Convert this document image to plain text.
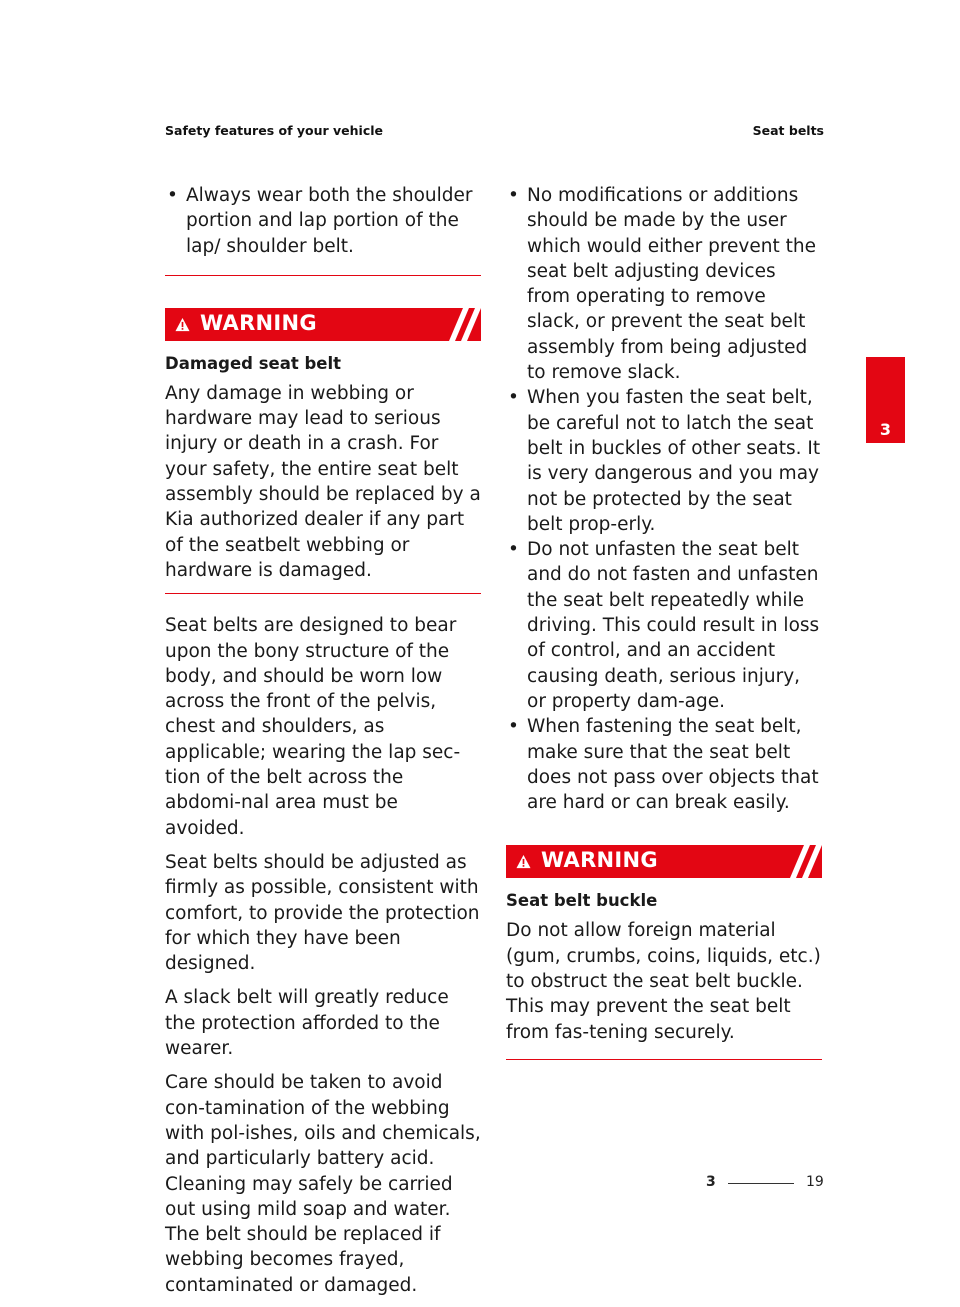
Safety features of your vehicle	Seat belts
• Always wear both the shoulder portion and lap portion of the lap/ shoulder belt.
WARNING
Damaged seat belt

Any damage in webbing or hardware may lead to serious injury or death in a crash. For your safety, the entire seat belt assembly should be replaced by a Kia authorized dealer if any part of the seatbelt webbing or hardware is damaged.

Seat belts are designed to bear upon the bony structure of the body, and should be worn low across the front of the pelvis, chest and shoulders, as applicable; wearing the lap sec-tion of the belt across the abdomi-nal area must be avoided.

Seat belts should be adjusted as firmly as possible, consistent with comfort, to provide the protection for which they have been designed.

A slack belt will greatly reduce the protection afforded to the wearer.

Care should be taken to avoid con-tamination of the webbing with pol-ishes, oils and chemicals, and particularly battery acid. Cleaning may safely be carried out using mild soap and water. The belt should be replaced if webbing becomes frayed, contaminated or damaged.

• No modifications or additions should be made by the user which would either prevent the seat belt adjusting devices from operating to remove slack, or prevent the seat belt assembly from being adjusted to remove slack.
• When you fasten the seat belt, be careful not to latch the seat belt in buckles of other seats. It is very dangerous and you may not be protected by the seat belt prop-erly.
• Do not unfasten the seat belt and do not fasten and unfasten the seat belt repeatedly while driving. This could result in loss of control, and an accident causing death, serious injury, or property dam-age.
• When fastening the seat belt, make sure that the seat belt does not pass over objects that are hard or can break easily.
WARNING
Seat belt buckle

Do not allow foreign material (gum, crumbs, coins, liquids, etc.) to obstruct the seat belt buckle. This may prevent the seat belt from fas-tening securely.

3
3	19
